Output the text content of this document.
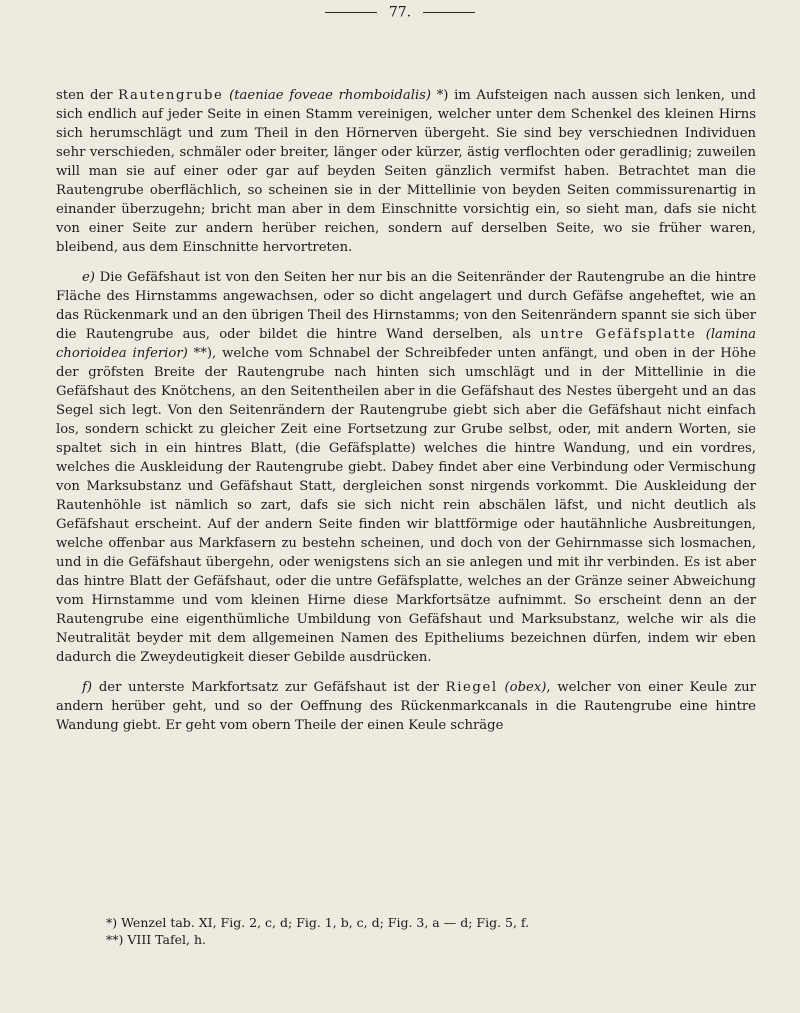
77.

sten der Rautengrube (taeniae foveae rhomboidalis) *) im Aufsteigen nach aussen sich lenken, und sich endlich auf jeder Seite in einen Stamm vereinigen, welcher unter dem Schenkel des kleinen Hirns sich herumschlägt und zum Theil in den Hörnerven übergeht. Sie sind bey verschiednen Individuen sehr verschieden, schmäler oder breiter, länger oder kürzer, ästig verflochten oder geradlinig; zuweilen will man sie auf einer oder gar auf beyden Seiten gänzlich vermifst haben. Betrachtet man die Rautengrube oberflächlich, so scheinen sie in der Mittellinie von beyden Seiten commissurenartig in einander überzugehn; bricht man aber in dem Einschnitte vorsichtig ein, so sieht man, dafs sie nicht von einer Seite zur andern herüber reichen, sondern auf derselben Seite, wo sie früher waren, bleibend, aus dem Einschnitte hervortreten.

e) Die Gefäfshaut ist von den Seiten her nur bis an die Seitenränder der Rautengrube an die hintre Fläche des Hirnstamms angewachsen, oder so dicht angelagert und durch Gefäfse angeheftet, wie an das Rückenmark und an den übrigen Theil des Hirnstamms; von den Seitenrändern spannt sie sich über die Rautengrube aus, oder bildet die hintre Wand derselben, als untre Gefäfsplatte (lamina chorioidea inferior) **), welche vom Schnabel der Schreibfeder unten anfängt, und oben in der Höhe der gröfsten Breite der Rautengrube nach hinten sich umschlägt und in der Mittellinie in die Gefäfshaut des Knötchens, an den Seitentheilen aber in die Gefäfshaut des Nestes übergeht und an das Segel sich legt. Von den Seitenrändern der Rautengrube giebt sich aber die Gefäfshaut nicht einfach los, sondern schickt zu gleicher Zeit eine Fortsetzung zur Grube selbst, oder, mit andern Worten, sie spaltet sich in ein hintres Blatt, (die Gefäfsplatte) welches die hintre Wandung, und ein vordres, welches die Auskleidung der Rautengrube giebt. Dabey findet aber eine Verbindung oder Vermischung von Marksubstanz und Gefäfshaut Statt, dergleichen sonst nirgends vorkommt. Die Auskleidung der Rautenhöhle ist nämlich so zart, dafs sie sich nicht rein abschälen läfst, und nicht deutlich als Gefäfshaut erscheint. Auf der andern Seite finden wir blattförmige oder hautähnliche Ausbreitungen, welche offenbar aus Markfasern zu bestehn scheinen, und doch von der Gehirnmasse sich losmachen, und in die Gefäfshaut übergehn, oder wenigstens sich an sie anlegen und mit ihr verbinden. Es ist aber das hintre Blatt der Gefäfshaut, oder die untre Gefäfsplatte, welches an der Gränze seiner Abweichung vom Hirnstamme und vom kleinen Hirne diese Markfortsätze aufnimmt. So erscheint denn an der Rautengrube eine eigenthümliche Umbildung von Gefäfshaut und Marksubstanz, welche wir als die Neutralität beyder mit dem allgemeinen Namen des Epitheliums bezeichnen dürfen, indem wir eben dadurch die Zweydeutigkeit dieser Gebilde ausdrücken.

f) der unterste Markfortsatz zur Gefäfshaut ist der Riegel (obex), welcher von einer Keule zur andern herüber geht, und so der Oeffnung des Rückenmarkcanals in die Rautengrube eine hintre Wandung giebt. Er geht vom obern Theile der einen Keule schräge

*) Wenzel tab. XI, Fig. 2, c, d; Fig. 1, b, c, d; Fig. 3, a — d; Fig. 5, f.

**) VIII Tafel, h.
